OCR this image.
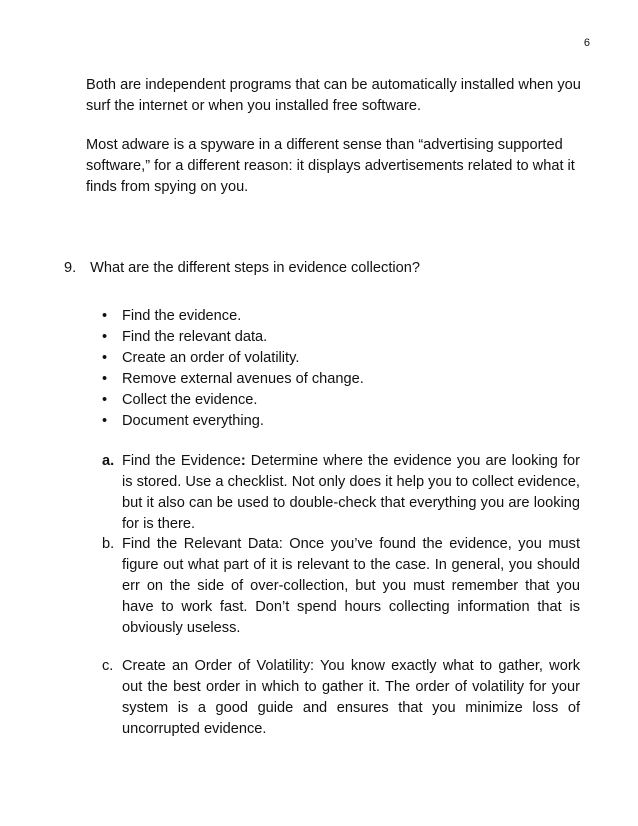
6

Both are independent programs that can be automatically installed when you surf the internet or when you installed free software.

Most adware is a spyware in a different sense than “advertising supported software,” for a different reason: it displays advertisements related to what it finds from spying on you.

9. What are the different steps in evidence collection?
•	Find the evidence.
•	Find the relevant data.
•	Create an order of volatility.
•	Remove external avenues of change.
•	Collect the evidence.
•	Document everything.
a. Find the Evidence: Determine where the evidence you are looking for is stored. Use a checklist. Not only does it help you to collect evidence, but it also can be used to double-check that everything you are looking for is there.
b. Find the Relevant Data: Once you’ve found the evidence, you must figure out what part of it is relevant to the case. In general, you should err on the side of over-collection, but you must remember that you have to work fast. Don’t spend hours collecting information that is obviously useless.
c. Create an Order of Volatility: You know exactly what to gather, work out the best order in which to gather it. The order of volatility for your system is a good guide and ensures that you minimize loss of uncorrupted evidence.
